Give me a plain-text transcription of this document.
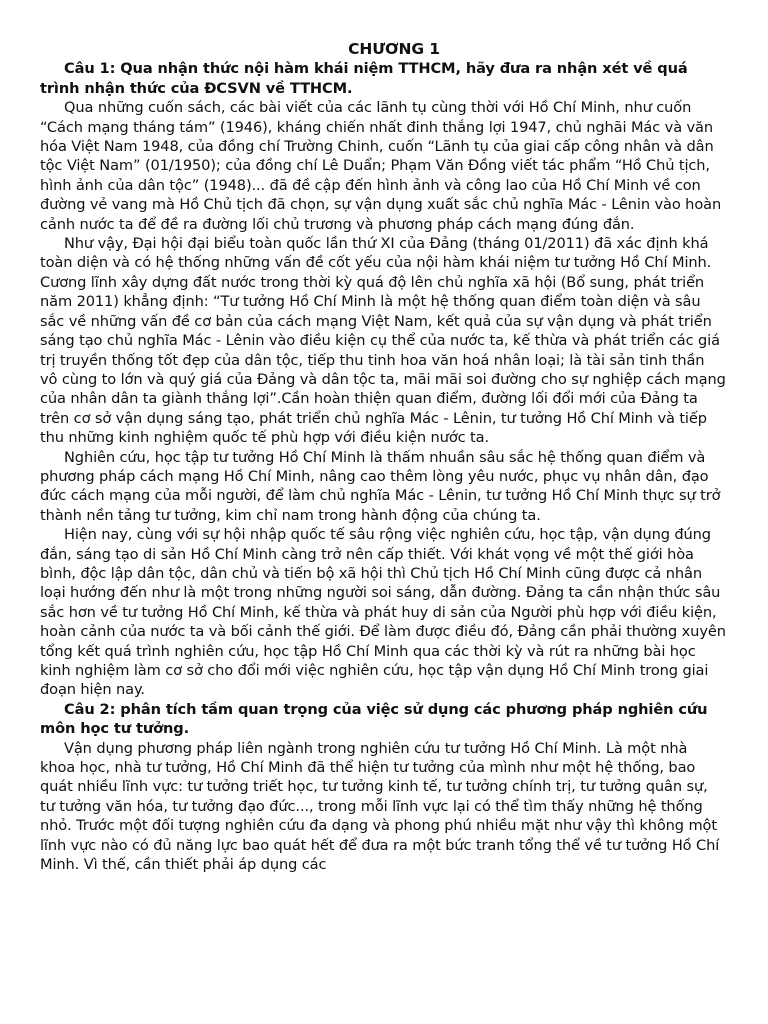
CHƯƠNG 1

Câu 1: Qua nhận thức nội hàm khái niệm TTHCM, hãy đưa ra nhận xét về quá trình nhận thức của ĐCSVN về TTHCM.

Qua những cuốn sách, các bài viết của các lãnh tụ cùng thời với Hồ Chí Minh, như cuốn “Cách mạng tháng tám” (1946), kháng chiến nhất đinh thắng lợi 1947, chủ nghãi Mác và văn hóa Việt Nam 1948, của đồng chí Trường Chinh, cuốn “Lãnh tụ của giai cấp công nhân và dân tộc Việt Nam” (01/1950); của đồng chí Lê Duẩn; Phạm Văn Đồng viết tác phẩm “Hồ Chủ tịch, hình ảnh của dân tộc” (1948)... đã đề cập đến hình ảnh và công lao của Hồ Chí Minh về con đường vẻ vang mà Hồ Chủ tịch đã chọn, sự vận dụng xuất sắc chủ nghĩa Mác - Lênin vào hoàn cảnh nước ta để đề ra đường lối chủ trương và phương pháp cách mạng đúng đắn.

Như vậy, Đại hội đại biểu toàn quốc lần thứ XI của Đảng (tháng 01/2011) đã xác định khá toàn diện và có hệ thống những vấn đề cốt yếu của nội hàm khái niệm tư tưởng Hồ Chí Minh. Cương lĩnh xây dựng đất nước trong thời kỳ quá độ lên chủ nghĩa xã hội (Bổ sung, phát triển năm 2011) khẳng định: “Tư tưởng Hồ Chí Minh là một hệ thống quan điểm toàn diện và sâu sắc về những vấn đề cơ bản của cách mạng Việt Nam, kết quả của sự vận dụng và phát triển sáng tạo chủ nghĩa Mác - Lênin vào điều kiện cụ thể của nước ta, kế thừa và phát triển các giá trị truyền thống tốt đẹp của dân tộc, tiếp thu tinh hoa văn hoá nhân loại; là tài sản tinh thần vô cùng to lớn và quý giá của Đảng và dân tộc ta, mãi mãi soi đường cho sự nghiệp cách mạng của nhân dân ta giành thắng lợi”.Cần hoàn thiện quan điểm, đường lối đổi mới của Đảng ta trên cơ sở vận dụng sáng tạo, phát triển chủ nghĩa Mác - Lênin, tư tưởng Hồ Chí Minh và tiếp thu những kinh nghiệm quốc tế phù hợp với điều kiện nước ta.

Nghiên cứu, học tập tư tưởng Hồ Chí Minh là thấm nhuần sâu sắc hệ thống quan điểm và phương pháp cách mạng Hồ Chí Minh, nâng cao thêm lòng yêu nước, phục vụ nhân dân, đạo đức cách mạng của mỗi người, để làm chủ nghĩa Mác - Lênin, tư tưởng Hồ Chí Minh thực sự trở thành nền tảng tư tưởng, kim chỉ nam trong hành động của chúng ta.

Hiện nay, cùng với sự hội nhập quốc tế sâu rộng việc nghiên cứu, học tập, vận dụng đúng đắn, sáng tạo di sản Hồ Chí Minh càng trở nên cấp thiết. Với khát vọng về một thế giới hòa bình, độc lập dân tộc, dân chủ và tiến bộ xã hội thì Chủ tịch Hồ Chí Minh cũng được cả nhân loại hướng đến như là một trong những người soi sáng, dẫn đường. Đảng ta cần nhận thức sâu sắc hơn về tư tưởng Hồ Chí Minh, kế thừa và phát huy di sản của Người phù hợp với điều kiện, hoàn cảnh của nước ta và bối cảnh thế giới. Để làm được điều đó, Đảng cần phải thường xuyên tổng kết quá trình nghiên cứu, học tập Hồ Chí Minh qua các thời kỳ và rút ra những bài học kinh nghiệm làm cơ sở cho đổi mới việc nghiên cứu, học tập vận dụng Hồ Chí Minh trong giai đoạn hiện nay.

Câu 2: phân tích tầm quan trọng của việc sử dụng các phương pháp nghiên cứu môn học tư tưởng.

Vận dụng phương pháp liên ngành trong nghiên cứu tư tưởng Hồ Chí Minh. Là một nhà khoa học, nhà tư tưởng, Hồ Chí Minh đã thể hiện tư tưởng của mình như một hệ thống, bao quát nhiều lĩnh vực: tư tưởng triết học, tư tưởng kinh tế, tư tưởng chính trị, tư tưởng quân sự, tư tưởng văn hóa, tư tưởng đạo đức..., trong mỗi lĩnh vực lại có thể tìm thấy những hệ thống nhỏ. Trước một đối tượng nghiên cứu đa dạng và phong phú nhiều mặt như vậy thì không một lĩnh vực nào có đủ năng lực bao quát hết để đưa ra một bức tranh tổng thể về tư tưởng Hồ Chí Minh. Vì thế, cần thiết phải áp dụng các
